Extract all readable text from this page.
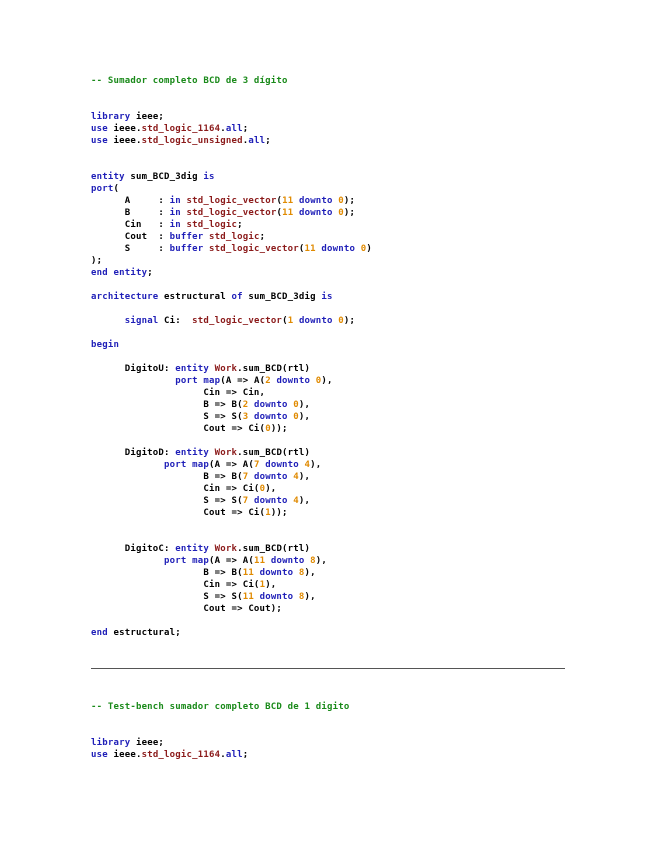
-- Sumador completo BCD de 3 dígito

library ieee;
use ieee.std_logic_1164.all;
use ieee.std_logic_unsigned.all;

entity sum_BCD_3dig is
port(
A     : in std_logic_vector(11 downto 0);
B     : in std_logic_vector(11 downto 0);
Cin   : in std_logic;
Cout  : buffer std_logic;
S     : buffer std_logic_vector(11 downto 0)
);
end entity;

architecture estructural of sum_BCD_3dig is

signal Ci:  std_logic_vector(1 downto 0);

begin

DigitoU: entity Work.sum_BCD(rtl)
port map(A => A(2 downto 0),
Cin => Cin,
B => B(2 downto 0),
S => S(3 downto 0),
Cout => Ci(0));

DigitoD: entity Work.sum_BCD(rtl)
port map(A => A(7 downto 4),
B => B(7 downto 4),
Cin => Ci(0),
S => S(7 downto 4),
Cout => Ci(1));

DigitoC: entity Work.sum_BCD(rtl)
port map(A => A(11 downto 8),
B => B(11 downto 8),
Cin => Ci(1),
S => S(11 downto 8),
Cout => Cout);

end estructural;
-- Test-bench sumador completo BCD de 1 digito

library ieee;
use ieee.std_logic_1164.all;
